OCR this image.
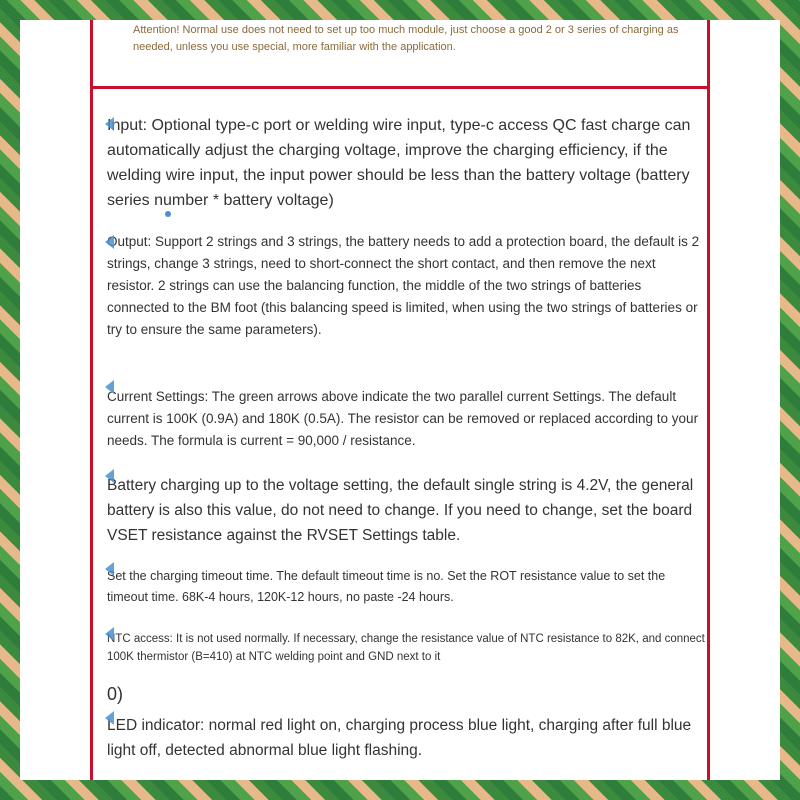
Attention! Normal use does not need to set up too much module, just choose a good 2 or 3 series of charging as needed, unless you use special, more familiar with the application.
Input: Optional type-c port or welding wire input, type-c access QC fast charge can automatically adjust the charging voltage, improve the charging efficiency, if the welding wire input, the input power should be less than the battery voltage (battery series number * battery voltage)
Output: Support 2 strings and 3 strings, the battery needs to add a protection board, the default is 2 strings, change 3 strings, need to short-connect the short contact, and then remove the next resistor. 2 strings can use the balancing function, the middle of the two strings of batteries connected to the BM foot (this balancing speed is limited, when using the two strings of batteries or try to ensure the same parameters).
Current Settings: The green arrows above indicate the two parallel current Settings. The default current is 100K (0.9A) and 180K (0.5A). The resistor can be removed or replaced according to your needs. The formula is current = 90,000 / resistance.
Battery charging up to the voltage setting, the default single string is 4.2V, the general battery is also this value, do not need to change. If you need to change, set the board VSET resistance against the RVSET Settings table.
Set the charging timeout time. The default timeout time is no. Set the ROT resistance value to set the timeout time. 68K-4 hours, 120K-12 hours, no paste -24 hours.
NTC access: It is not used normally. If necessary, change the resistance value of NTC resistance to 82K, and connect 100K thermistor (B=410) at NTC welding point and GND next to it
0)
LED indicator: normal red light on, charging process blue light, charging after full blue light off, detected abnormal blue light flashing.
